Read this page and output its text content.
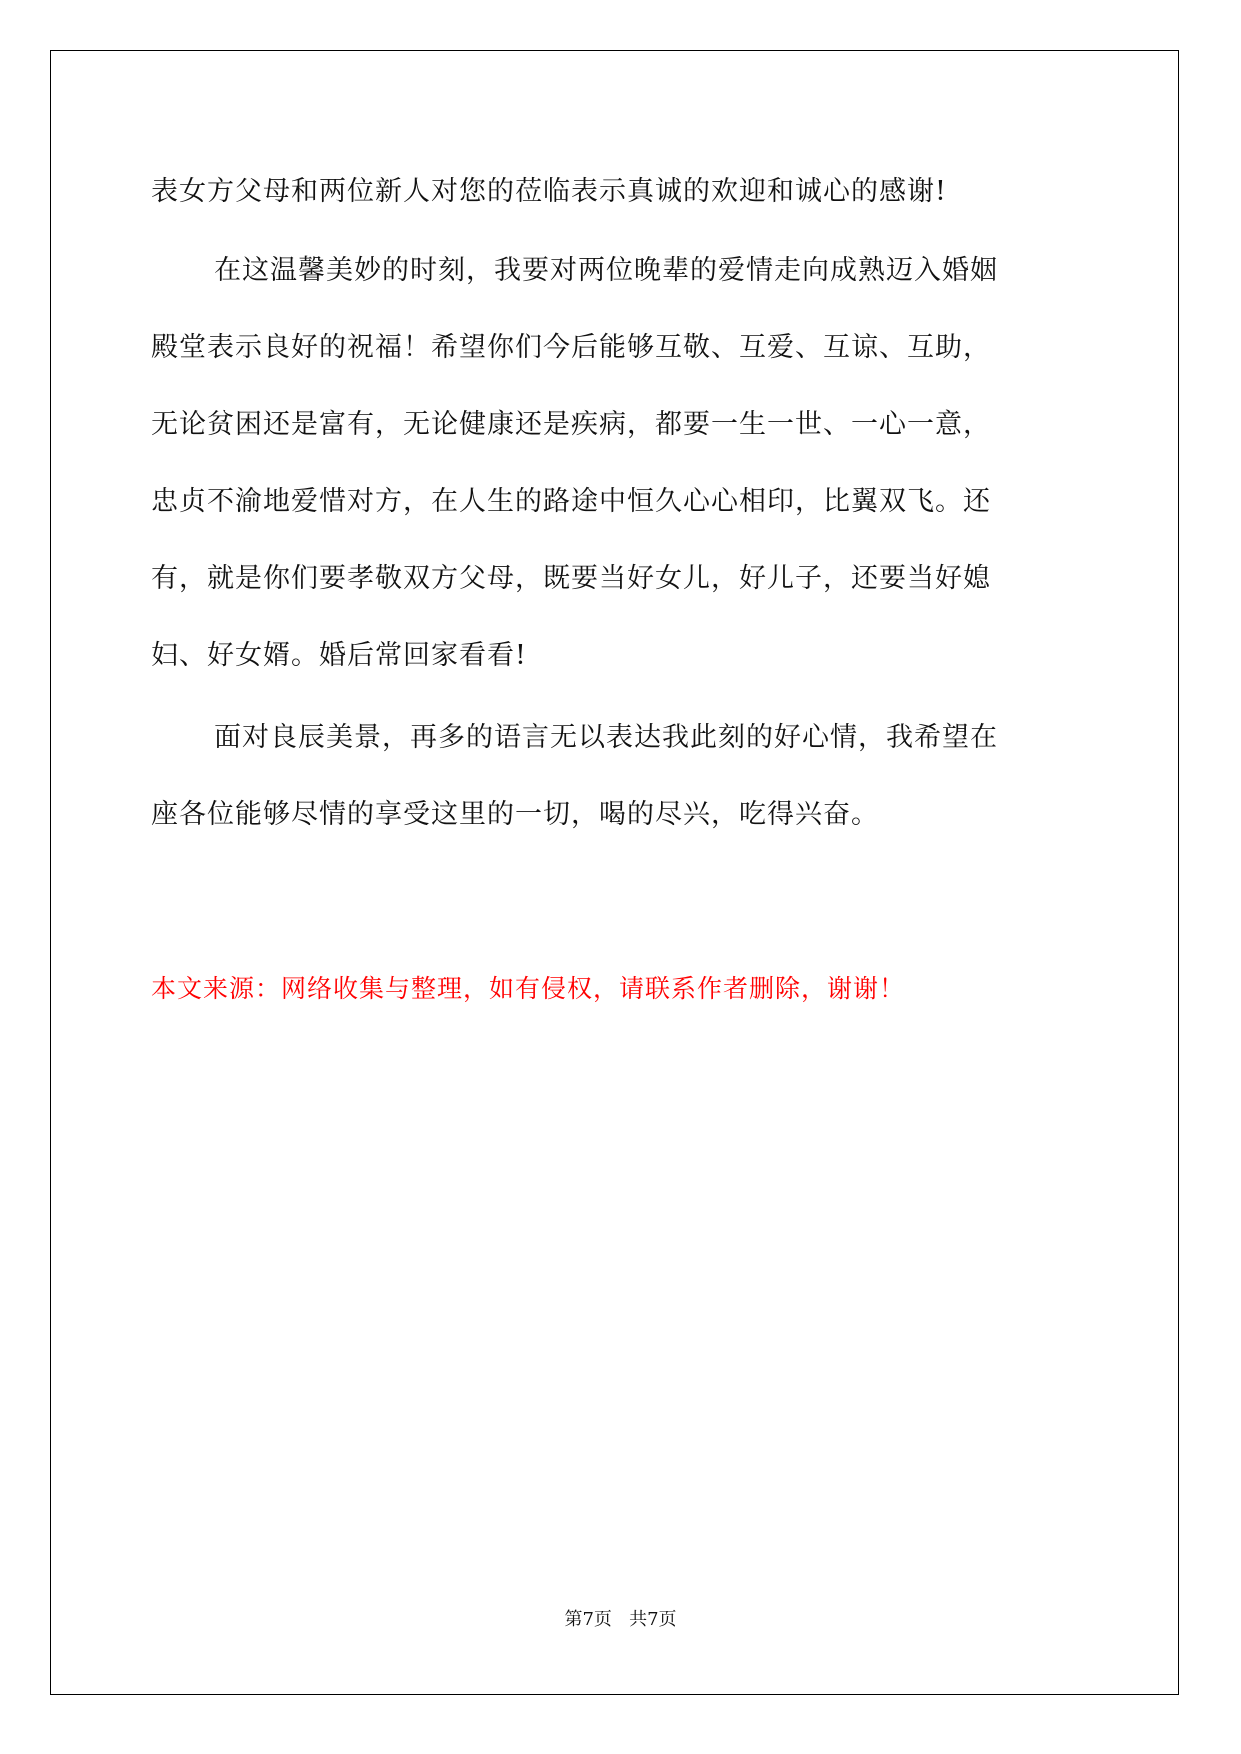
表女方父母和两位新人对您的莅临表示真诚的欢迎和诚心的感谢!
在这温馨美妙的时刻，我要对两位晚辈的爱情走向成熟迈入婚姻
殿堂表示良好的祝福！希望你们今后能够互敬、互爱、互谅、互助，
无论贫困还是富有，无论健康还是疾病，都要一生一世、一心一意，
忠贞不渝地爱惜对方，在人生的路途中恒久心心相印，比翼双飞。还
有，就是你们要孝敬双方父母，既要当好女儿，好儿子，还要当好媳
妇、好女婿。婚后常回家看看!
面对良辰美景，再多的语言无以表达我此刻的好心情，我希望在
座各位能够尽情的享受这里的一切，喝的尽兴，吃得兴奋。
本文来源：网络收集与整理，如有侵权，请联系作者删除，谢谢！
第7页   共7页
